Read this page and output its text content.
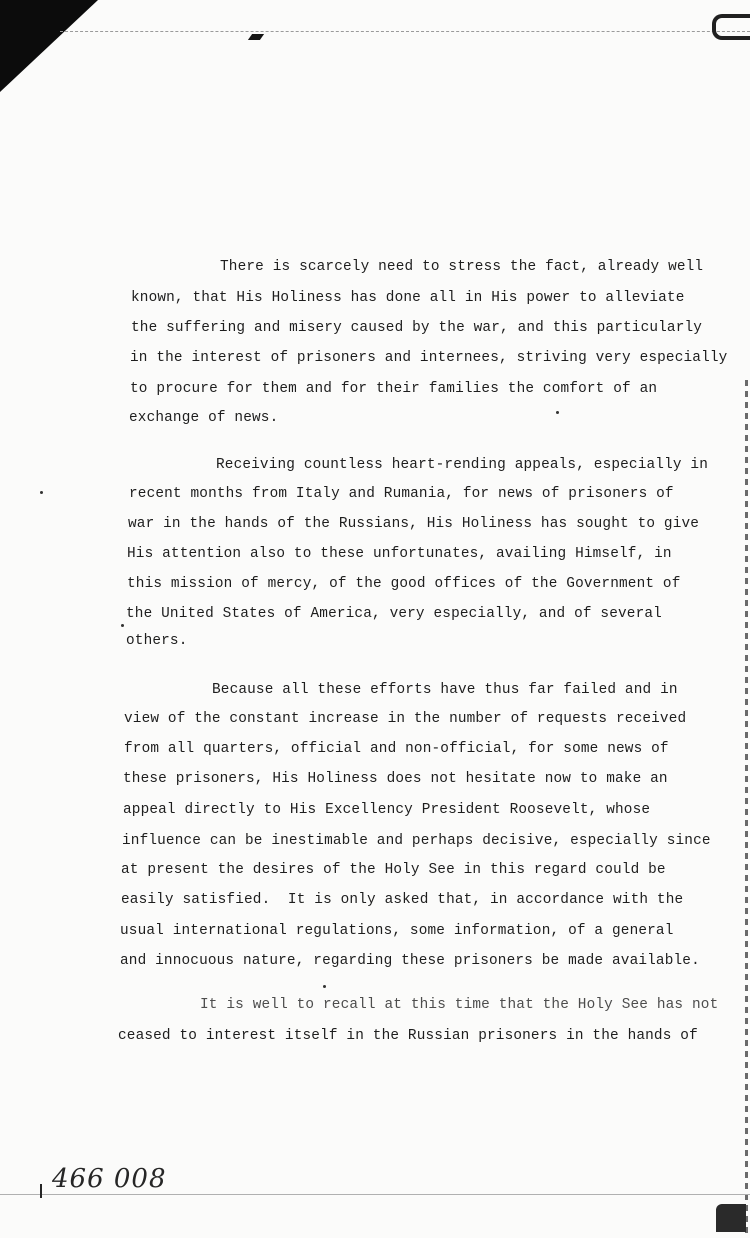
There is scarcely need to stress the fact, already well
known, that His Holiness has done all in His power to alleviate
the suffering and misery caused by the war, and this particularly
in the interest of prisoners and internees, striving very especially
to procure for them and for their families the comfort of an
exchange of news.
Receiving countless heart-rending appeals, especially in
recent months from Italy and Rumania, for news of prisoners of
war in the hands of the Russians, His Holiness has sought to give
His attention also to these unfortunates, availing Himself, in
this mission of mercy, of the good offices of the Government of
the United States of America, very especially, and of several
others.
Because all these efforts have thus far failed and in
view of the constant increase in the number of requests received
from all quarters, official and non-official, for some news of
these prisoners, His Holiness does not hesitate now to make an
appeal directly to His Excellency President Roosevelt, whose
influence can be inestimable and perhaps decisive, especially since
at present the desires of the Holy See in this regard could be
easily satisfied.  It is only asked that, in accordance with the
usual international regulations, some information, of a general
and innocuous nature, regarding these prisoners be made available.
It is well to recall at this time that the Holy See has not
ceased to interest itself in the Russian prisoners in the hands of
466 008
